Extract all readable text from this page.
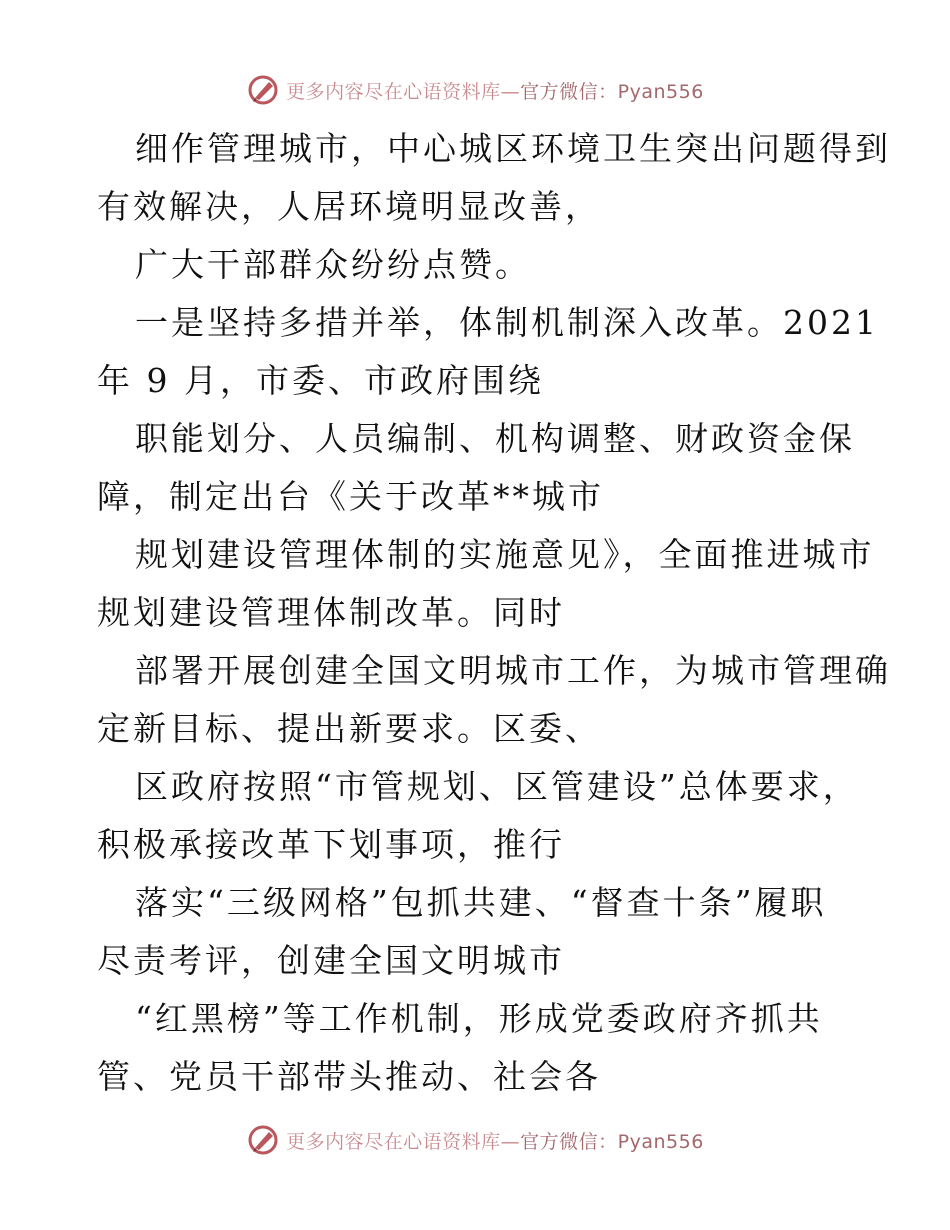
更多内容尽在心语资料库—官方微信：Pyan556
细作管理城市，中心城区环境卫生突出问题得到
有效解决，人居环境明显改善，
广大干部群众纷纷点赞。
一是坚持多措并举，体制机制深入改革。2021
年 9 月，市委、市政府围绕
职能划分、人员编制、机构调整、财政资金保
障，制定出台《关于改革**城市
规划建设管理体制的实施意见》，全面推进城市
规划建设管理体制改革。同时
部署开展创建全国文明城市工作，为城市管理确
定新目标、提出新要求。区委、
区政府按照“市管规划、区管建设”总体要求，
积极承接改革下划事项，推行
落实“三级网格”包抓共建、“督查十条”履职
尽责考评，创建全国文明城市
“红黑榜”等工作机制，形成党委政府齐抓共
管、党员干部带头推动、社会各
更多内容尽在心语资料库—官方微信：Pyan556
